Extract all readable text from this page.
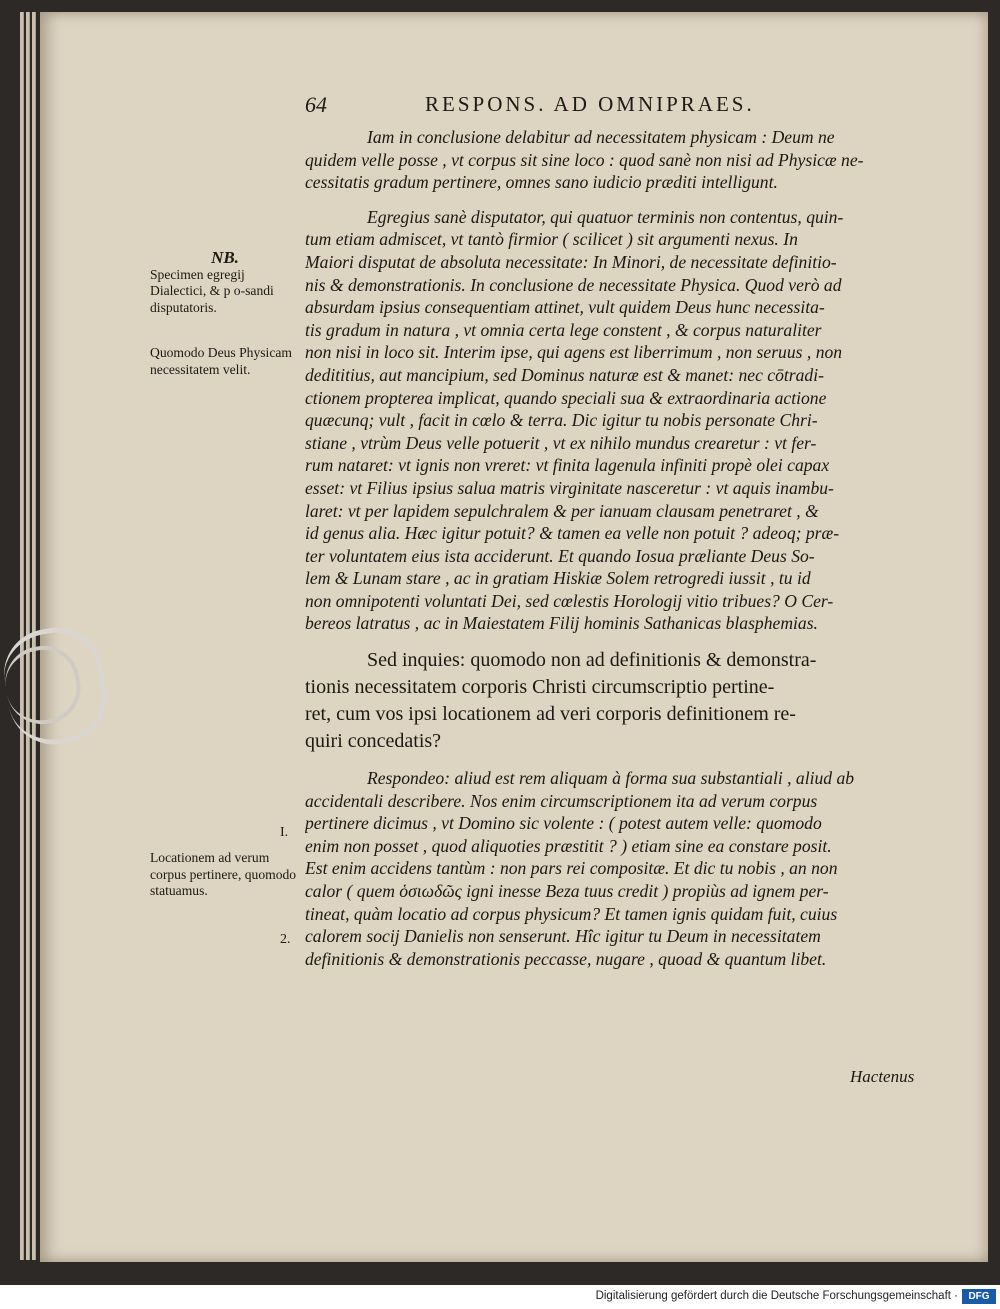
64	RESPONS. AD OMNIPRAES.

Iam in conclusione delabitur ad necessitatem physicam : Deum ne
quidem velle posse , vt corpus sit sine loco : quod sanè non nisi ad Physicæ ne-
cessitatis gradum pertinere, omnes sano iudicio præditi intelligunt.

Egregius sanè disputator, qui quatuor terminis non contentus, quin-
tum etiam admiscet, vt tantò firmior ( scilicet ) sit argumenti nexus. In
Maiori disputat de absoluta necessitate: In Minori, de necessitate definitio-
nis & demonstrationis. In conclusione de necessitate Physica. Quod verò ad
absurdam ipsius consequentiam attinet, vult quidem Deus hunc necessita-
tis gradum in natura , vt omnia certa lege constent , & corpus naturaliter
non nisi in loco sit. Interim ipse, qui agens est liberrimum , non seruus , non
dedititius, aut mancipium, sed Dominus naturæ est & manet: nec cōtradi-
ctionem propterea implicat, quando speciali sua & extraordinaria actione
quæcunq; vult , facit in cœlo & terra. Dic igitur tu nobis personate Chri-
stiane , vtrùm Deus velle potuerit , vt ex nihilo mundus crearetur : vt fer-
rum nataret: vt ignis non vreret: vt finita lagenula infiniti propè olei capax
esset: vt Filius ipsius salua matris virginitate nasceretur : vt aquis inambu-
laret: vt per lapidem sepulchralem & per ianuam clausam penetraret , &
id genus alia. Hæc igitur potuit? & tamen ea velle non potuit ? adeoq; præ-
ter voluntatem eius ista acciderunt. Et quando Iosua præliante Deus So-
lem & Lunam stare , ac in gratiam Hiskiæ Solem retrogredi iussit , tu id
non omnipotenti voluntati Dei, sed cœlestis Horologij vitio tribues? O Cer-
bereos latratus , ac in Maiestatem Filij hominis Sathanicas blasphemias.

Sed inquies: quomodo non ad definitionis & demonstra-
tionis necessitatem corporis Christi circumscriptio pertine-
ret, cum vos ipsi locationem ad veri corporis definitionem re-
quiri concedatis?

Respondeo: aliud est rem aliquam à forma sua substantiali , aliud ab
accidentali describere. Nos enim circumscriptionem ita ad verum corpus
pertinere dicimus , vt Domino sic volente : ( potest autem velle: quomodo
enim non posset , quod aliquoties præstitit ? ) etiam sine ea constare posit.
Est enim accidens tantùm : non pars rei compositæ. Et dic tu nobis , an non
calor ( quem ὁσιωδῶς igni inesse Beza tuus credit ) propiùs ad ignem per-
tineat, quàm locatio ad corpus physicum? Et tamen ignis quidam fuit, cuius
calorem socij Danielis non senserunt. Hîc igitur tu Deum in necessitatem
definitionis & demonstrationis peccasse, nugare , quoad & quantum libet.

Hactenus
NB.
Specimen egregij Dialectici, & p o-sandi disputatoris.
Quomodo Deus Physicam necessitatem velit.
I.
Locationem ad verum corpus pertinere, quomodo statuamus.
2.
Digitalisierung gefördert durch die Deutsche Forschungsgemeinschaft ·	DFG
